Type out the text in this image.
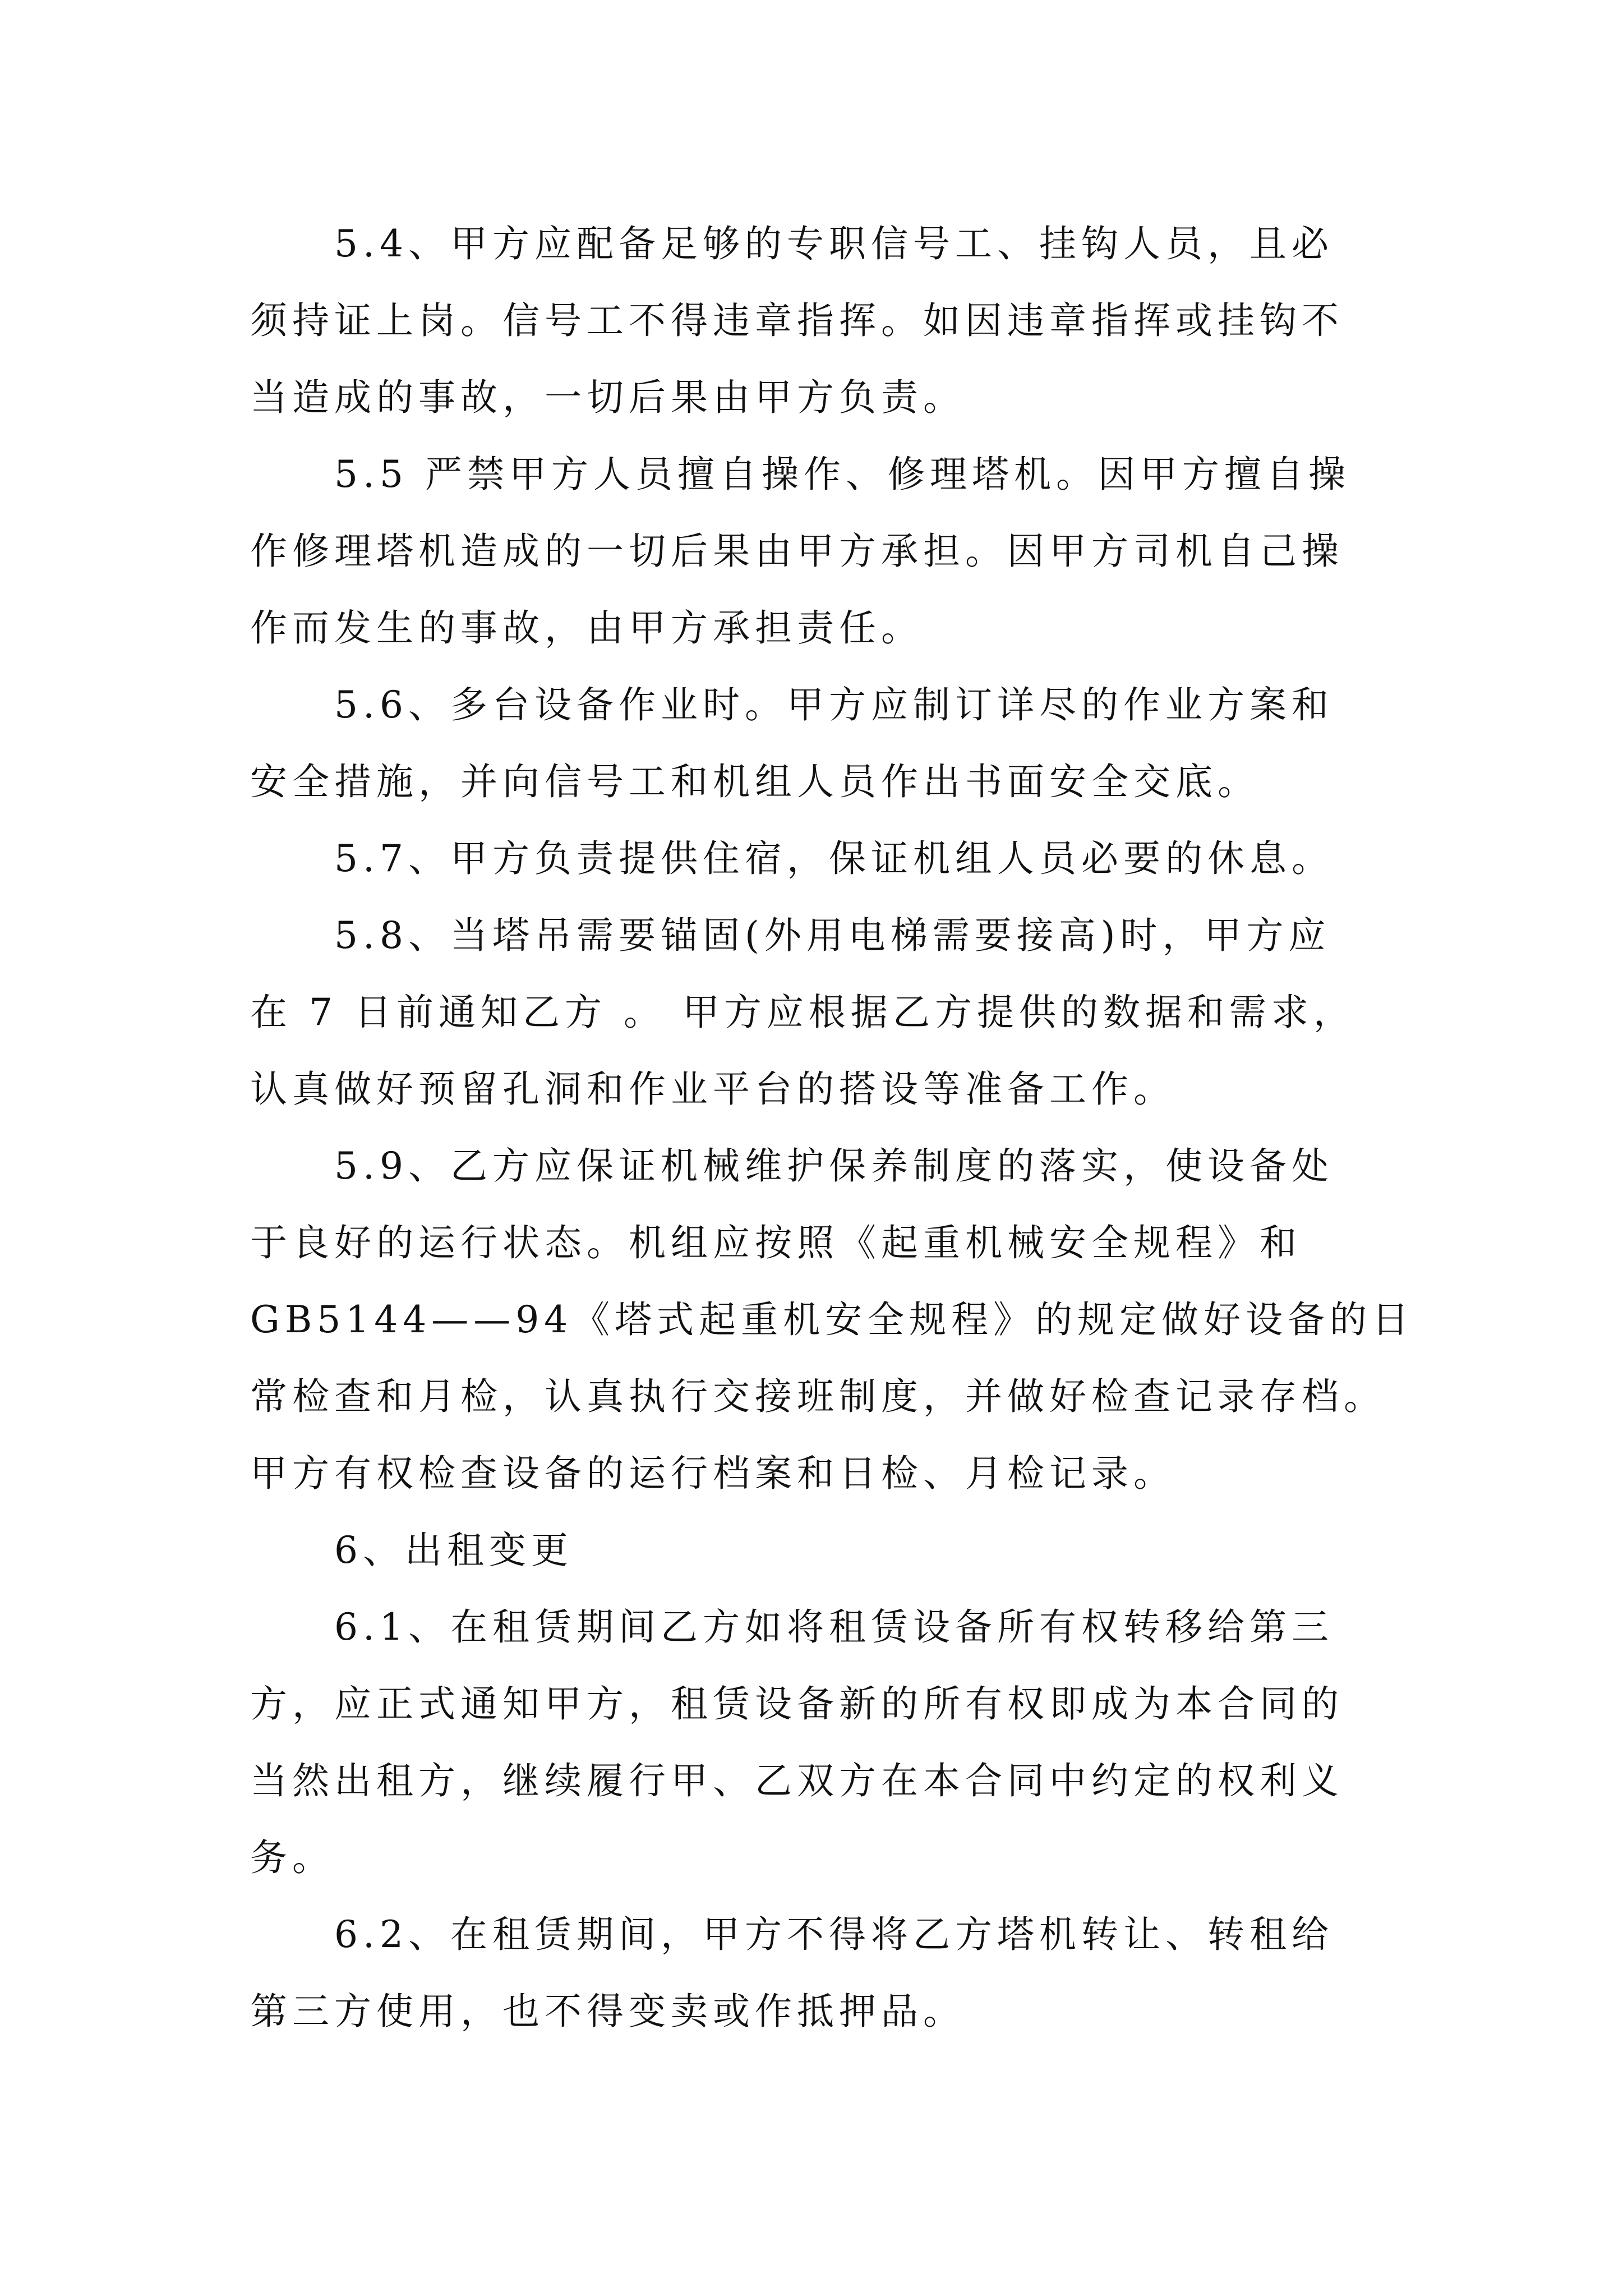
5.4、甲方应配备足够的专职信号工、挂钩人员，且必
须持证上岗。信号工不得违章指挥。如因违章指挥或挂钩不
当造成的事故，一切后果由甲方负责。
5.5 严禁甲方人员擅自操作、修理塔机。因甲方擅自操
作修理塔机造成的一切后果由甲方承担。因甲方司机自己操
作而发生的事故，由甲方承担责任。
5.6、多台设备作业时。甲方应制订详尽的作业方案和
安全措施，并向信号工和机组人员作出书面安全交底。
5.7、甲方负责提供住宿，保证机组人员必要的休息。
5.8、当塔吊需要锚固(外用电梯需要接高)时，甲方应
在 7 日前通知乙方 。 甲方应根据乙方提供的数据和需求，
认真做好预留孔洞和作业平台的搭设等准备工作。
5.9、乙方应保证机械维护保养制度的落实，使设备处
于良好的运行状态。机组应按照《起重机械安全规程》和
GB5144——94《塔式起重机安全规程》的规定做好设备的日
常检查和月检，认真执行交接班制度，并做好检查记录存档。
甲方有权检查设备的运行档案和日检、月检记录。
6、出租变更
6.1、在租赁期间乙方如将租赁设备所有权转移给第三
方，应正式通知甲方，租赁设备新的所有权即成为本合同的
当然出租方，继续履行甲、乙双方在本合同中约定的权利义
务。
6.2、在租赁期间，甲方不得将乙方塔机转让、转租给
第三方使用，也不得变卖或作抵押品。
